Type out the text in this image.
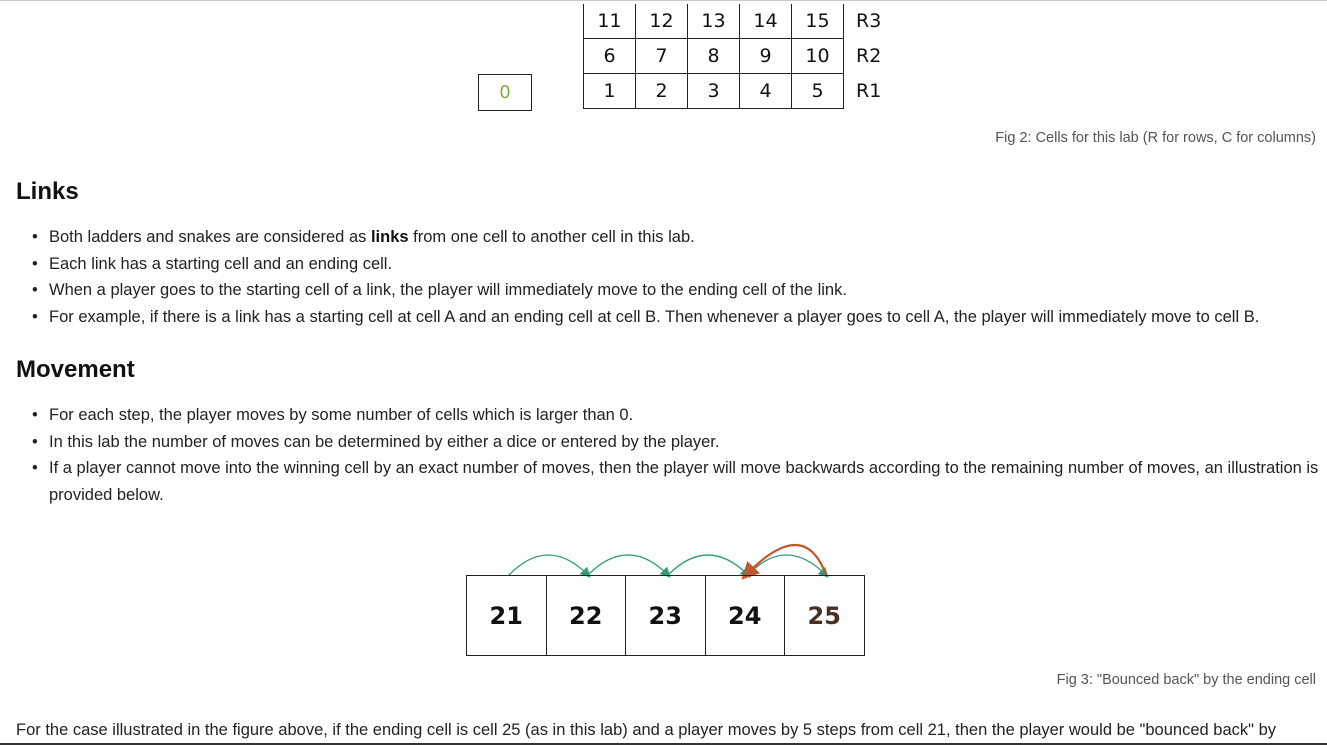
11	12	13	14	15	R3
6	7	8	9	10	R2
1	2	3	4	5	R1
0
Fig 2: Cells for this lab (R for rows, C for columns)
Links
• Both ladders and snakes are considered as links from one cell to another cell in this lab.
• Each link has a starting cell and an ending cell.
• When a player goes to the starting cell of a link, the player will immediately move to the ending cell of the link.
• For example, if there is a link has a starting cell at cell A and an ending cell at cell B. Then whenever a player goes to cell A, the player will immediately move to cell B.
Movement
• For each step, the player moves by some number of cells which is larger than 0.
• In this lab the number of moves can be determined by either a dice or entered by the player.
• If a player cannot move into the winning cell by an exact number of moves, then the player will move backwards according to the remaining number of moves, an illustration is provided below.
21	22	23	24	25
Fig 3: "Bounced back" by the ending cell
For the case illustrated in the figure above, if the ending cell is cell 25 (as in this lab) and a player moves by 5 steps from cell 21, then the player would be "bounced back" by
